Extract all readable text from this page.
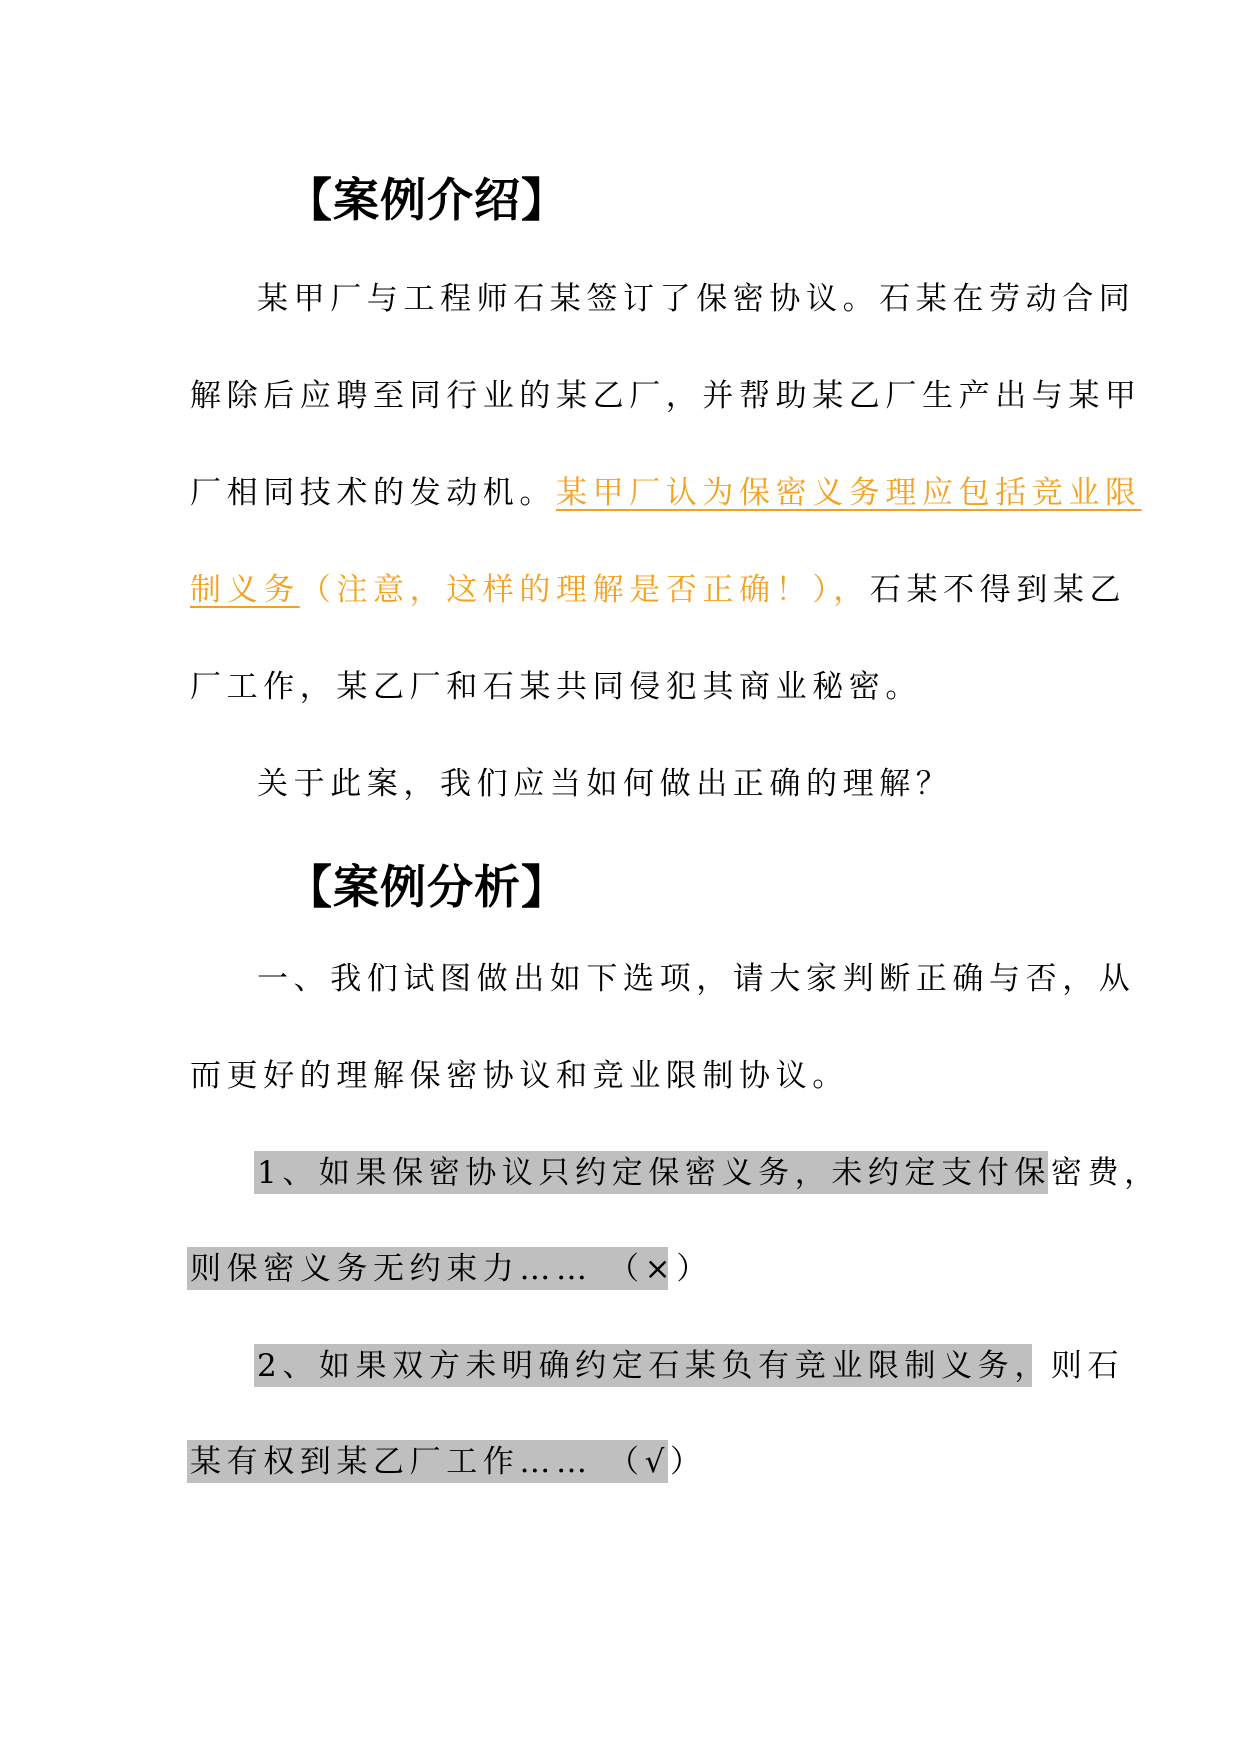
【案例介绍】
某甲厂与工程师石某签订了保密协议。石某在劳动合同
解除后应聘至同行业的某乙厂，并帮助某乙厂生产出与某甲
厂相同技术的发动机。某甲厂认为保密义务理应包括竞业限
制义务（注意，这样的理解是否正确！），石某不得到某乙
厂工作，某乙厂和石某共同侵犯其商业秘密。
关于此案，我们应当如何做出正确的理解？
【案例分析】
一、我们试图做出如下选项，请大家判断正确与否，从
而更好的理解保密协议和竞业限制协议。
1、如果保密协议只约定保密义务，未约定支付保密费，
则保密义务无约束力…… （×）
2、如果双方未明确约定石某负有竞业限制义务，则石
某有权到某乙厂工作…… （√）
